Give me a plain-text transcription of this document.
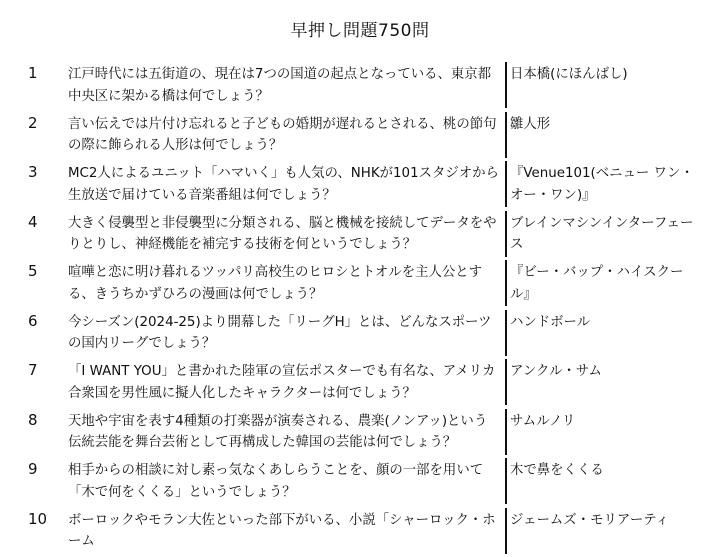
早押し問題750問
1	江戸時代には五街道の、現在は7つの国道の起点となっている、東京都中央区に架かる橋は何でしょう？
日本橋(にほんばし)
2	言い伝えでは片付け忘れると子どもの婚期が遅れるとされる、桃の節句の際に飾られる人形は何でしょう？
雛人形
3	MC2人によるユニット「ハマいく」も人気の、NHKが101スタジオから生放送で届けている音楽番組は何でしょう？
『Venue101(ベニュー ワン・オー・ワン)』
4	大きく侵襲型と非侵襲型に分類される、脳と機械を接続してデータをやりとりし、神経機能を補完する技術を何というでしょう？
ブレインマシンインターフェース
5	喧嘩と恋に明け暮れるツッパリ高校生のヒロシとトオルを主人公とする、きうちかずひろの漫画は何でしょう？
『ビー・バップ・ハイスクール』
6	今シーズン(2024-25)より開幕した「リーグH」とは、どんなスポーツの国内リーグでしょう？
ハンドボール
7	「I WANT YOU」と書かれた陸軍の宣伝ポスターでも有名な、アメリカ合衆国を男性風に擬人化したキャラクターは何でしょう？
アンクル・サム
8	天地や宇宙を表す4種類の打楽器が演奏される、農楽(ノンアッ)という伝統芸能を舞台芸術として再構成した韓国の芸能は何でしょう？
サムルノリ
9	相手からの相談に対し素っ気なくあしらうことを、顔の一部を用いて「木で何をくくる」というでしょう？
木で鼻をくくる
10	ボーロックやモラン大佐といった部下がいる、小説「シャーロック・ホーム
ジェームズ・モリアーティ
